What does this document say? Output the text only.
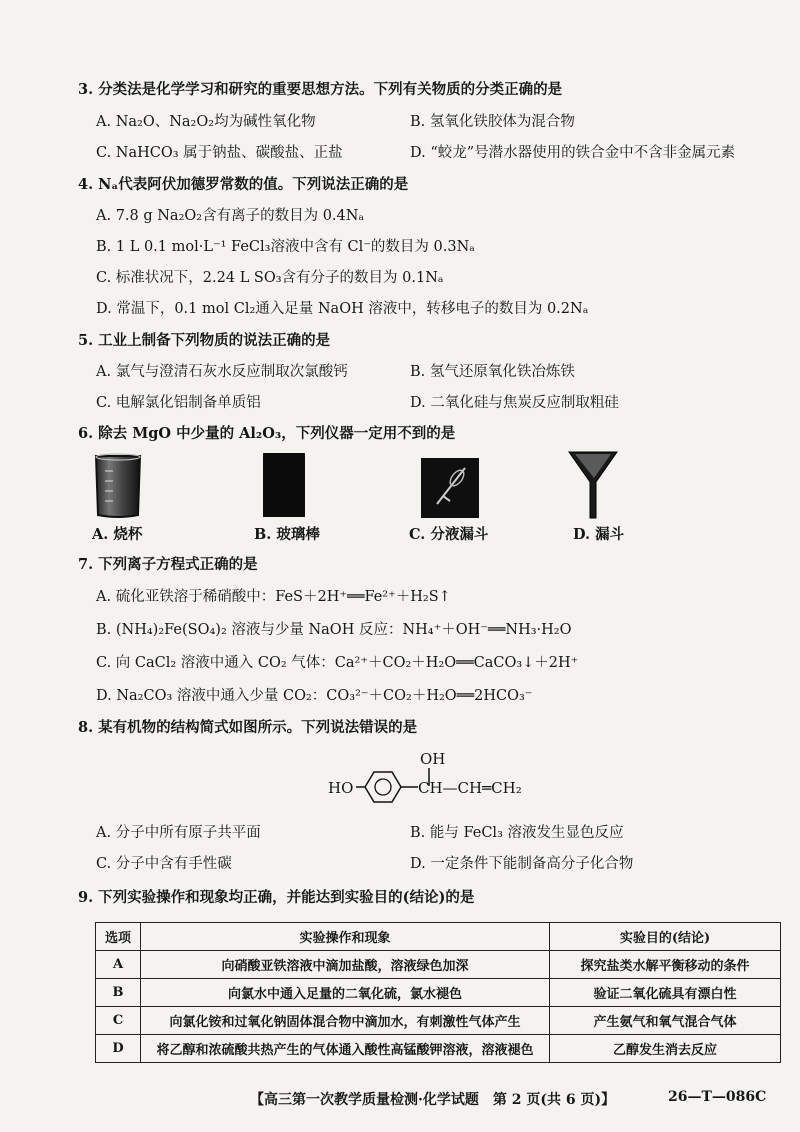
3. 分类法是化学学习和研究的重要思想方法。下列有关物质的分类正确的是
A. Na₂O、Na₂O₂均为碱性氧化物	B. 氢氧化铁胶体为混合物
C. NaHCO₃ 属于钠盐、碳酸盐、正盐	D. “蛟龙”号潜水器使用的铁合金中不含非金属元素
4. Nₐ代表阿伏加德罗常数的值。下列说法正确的是
A. 7.8 g Na₂O₂含有离子的数目为 0.4Nₐ
B. 1 L 0.1 mol·L⁻¹ FeCl₃溶液中含有 Cl⁻的数目为 0.3Nₐ
C. 标准状况下，2.24 L SO₃含有分子的数目为 0.1Nₐ
D. 常温下，0.1 mol Cl₂通入足量 NaOH 溶液中，转移电子的数目为 0.2Nₐ
5. 工业上制备下列物质的说法正确的是
A. 氯气与澄清石灰水反应制取次氯酸钙	B. 氢气还原氧化铁冶炼铁
C. 电解氯化铝制备单质铝	D. 二氧化硅与焦炭反应制取粗硅
6. 除去 MgO 中少量的 Al₂O₃，下列仪器一定用不到的是
A. 烧杯	B. 玻璃棒	C. 分液漏斗	D. 漏斗
7. 下列离子方程式正确的是
A. 硫化亚铁溶于稀硝酸中：FeS＋2H⁺══Fe²⁺＋H₂S↑
B. (NH₄)₂Fe(SO₄)₂ 溶液与少量 NaOH 反应：NH₄⁺＋OH⁻══NH₃·H₂O
C. 向 CaCl₂ 溶液中通入 CO₂ 气体：Ca²⁺＋CO₂＋H₂O══CaCO₃↓＋2H⁺
D. Na₂CO₃ 溶液中通入少量 CO₂：CO₃²⁻＋CO₂＋H₂O══2HCO₃⁻
8. 某有机物的结构简式如图所示。下列说法错误的是
OH
HO	CH—CH═CH₂
A. 分子中所有原子共平面	B. 能与 FeCl₃ 溶液发生显色反应
C. 分子中含有手性碳	D. 一定条件下能制备高分子化合物
9. 下列实验操作和现象均正确，并能达到实验目的(结论)的是
选项	实验操作和现象	实验目的(结论)
A	向硝酸亚铁溶液中滴加盐酸，溶液绿色加深	探究盐类水解平衡移动的条件
B	向氯水中通入足量的二氧化硫，氯水褪色	验证二氧化硫具有漂白性
C	向氯化铵和过氧化钠固体混合物中滴加水，有刺激性气体产生	产生氨气和氧气混合气体
D	将乙醇和浓硫酸共热产生的气体通入酸性高锰酸钾溶液，溶液褪色	乙醇发生消去反应
【高三第一次教学质量检测·化学试题　第 2 页(共 6 页)】	26—T—086C
